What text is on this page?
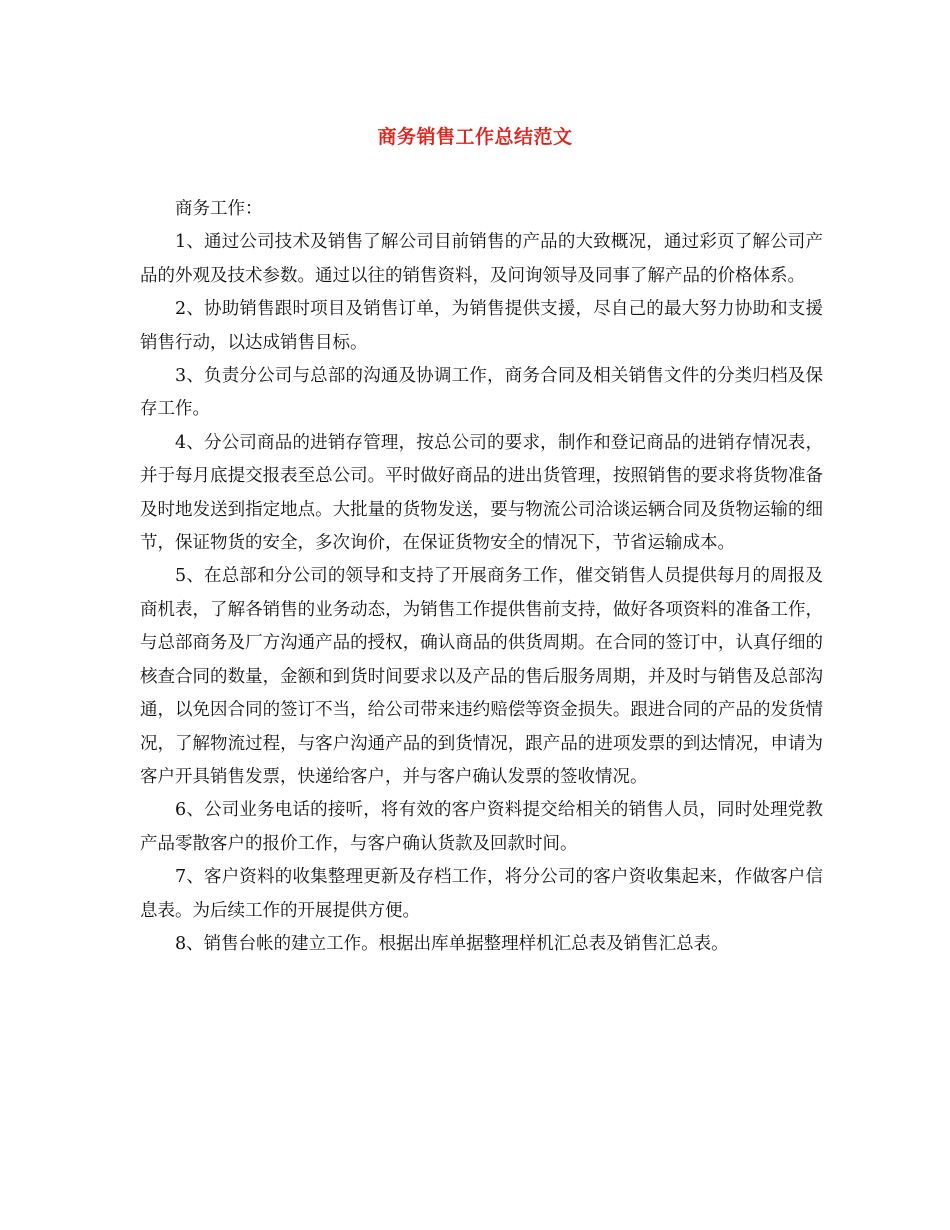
商务销售工作总结范文

商务工作：

1、通过公司技术及销售了解公司目前销售的产品的大致概况，通过彩页了解公司产品的外观及技术参数。通过以往的销售资料，及问询领导及同事了解产品的价格体系。

2、协助销售跟时项目及销售订单，为销售提供支援，尽自己的最大努力协助和支援销售行动，以达成销售目标。

3、负责分公司与总部的沟通及协调工作，商务合同及相关销售文件的分类归档及保存工作。

4、分公司商品的进销存管理，按总公司的要求，制作和登记商品的进销存情况表，并于每月底提交报表至总公司。平时做好商品的进出货管理，按照销售的要求将货物准备及时地发送到指定地点。大批量的货物发送，要与物流公司洽谈运辆合同及货物运输的细节，保证物货的安全，多次询价，在保证货物安全的情况下，节省运输成本。

5、在总部和分公司的领导和支持了开展商务工作，催交销售人员提供每月的周报及商机表，了解各销售的业务动态，为销售工作提供售前支持，做好各项资料的准备工作，与总部商务及厂方沟通产品的授权，确认商品的供货周期。在合同的签订中，认真仔细的核查合同的数量，金额和到货时间要求以及产品的售后服务周期，并及时与销售及总部沟通，以免因合同的签订不当，给公司带来违约赔偿等资金损失。跟进合同的产品的发货情况，了解物流过程，与客户沟通产品的到货情况，跟产品的进项发票的到达情况，申请为客户开具销售发票，快递给客户，并与客户确认发票的签收情况。

6、公司业务电话的接听，将有效的客户资料提交给相关的销售人员，同时处理党教产品零散客户的报价工作，与客户确认货款及回款时间。

7、客户资料的收集整理更新及存档工作，将分公司的客户资收集起来，作做客户信息表。为后续工作的开展提供方便。

8、销售台帐的建立工作。根据出库单据整理样机汇总表及销售汇总表。
